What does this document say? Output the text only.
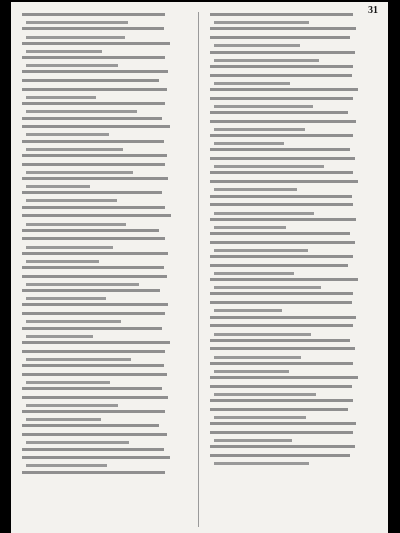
31
